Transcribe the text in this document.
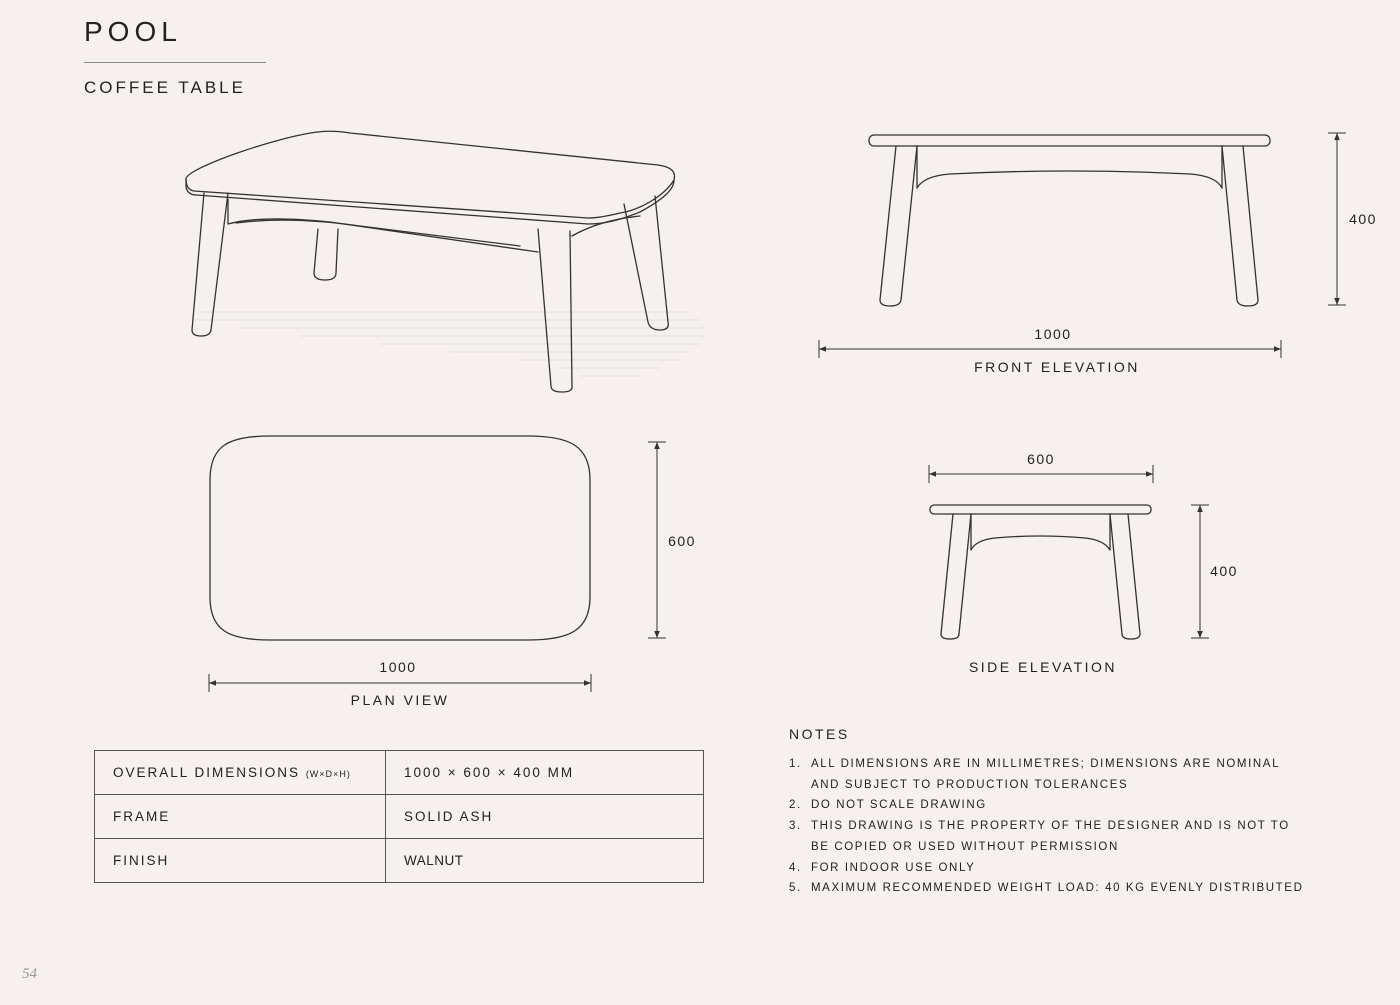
POOL
COFFEE TABLE
400
1000
FRONT ELEVATION
600
1000
PLAN VIEW
600
400
SIDE ELEVATION
OVERALL DIMENSIONS (W×D×H)	1000 × 600 × 400 MM
FRAME	SOLID ASH
FINISH	WALNUT
NOTES
1. ALL DIMENSIONS ARE IN MILLIMETRES; DIMENSIONS ARE NOMINAL AND SUBJECT TO PRODUCTION TOLERANCES
2. DO NOT SCALE DRAWING
3. THIS DRAWING IS THE PROPERTY OF THE DESIGNER AND IS NOT TO BE COPIED OR USED WITHOUT PERMISSION
4. FOR INDOOR USE ONLY
5. MAXIMUM RECOMMENDED WEIGHT LOAD: 40 KG EVENLY DISTRIBUTED
54
